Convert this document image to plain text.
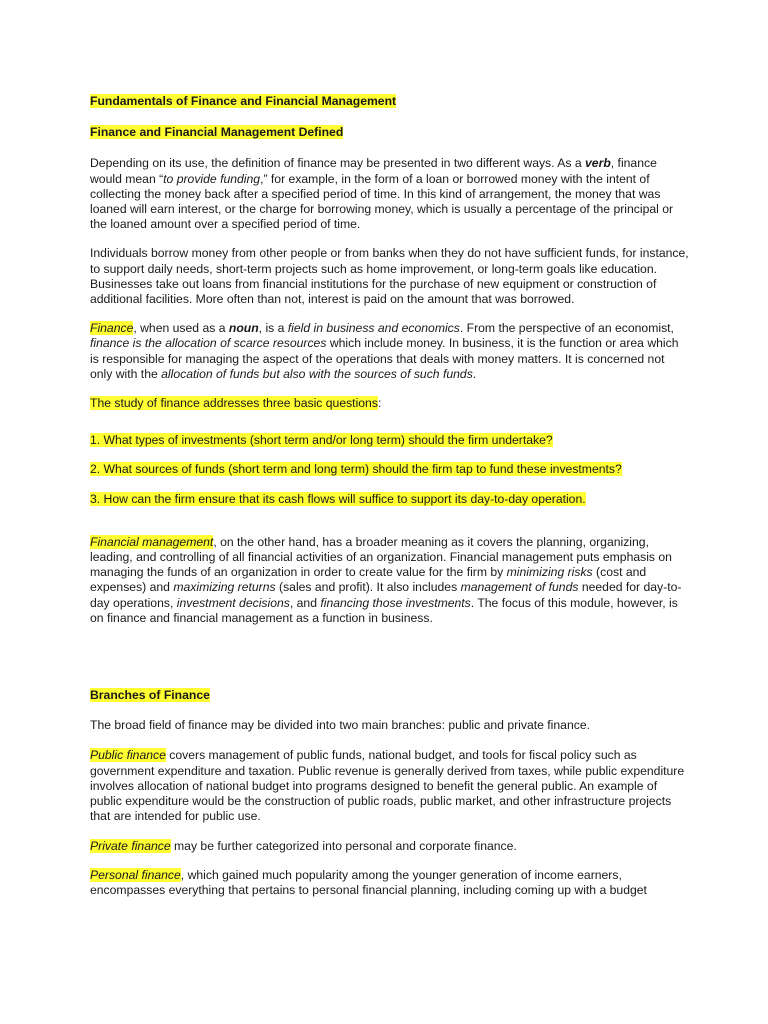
Fundamentals of Finance and Financial Management

Finance and Financial Management Defined

Depending on its use, the definition of finance may be presented in two different ways. As a verb, finance would mean “to provide funding,” for example, in the form of a loan or borrowed money with the intent of collecting the money back after a specified period of time. In this kind of arrangement, the money that was loaned will earn interest, or the charge for borrowing money, which is usually a percentage of the principal or the loaned amount over a specified period of time.

Individuals borrow money from other people or from banks when they do not have sufficient funds, for instance, to support daily needs, short-term projects such as home improvement, or long-term goals like education. Businesses take out loans from financial institutions for the purchase of new equipment or construction of additional facilities. More often than not, interest is paid on the amount that was borrowed.

Finance, when used as a noun, is a field in business and economics. From the perspective of an economist, finance is the allocation of scarce resources which include money. In business, it is the function or area which is responsible for managing the aspect of the operations that deals with money matters. It is concerned not only with the allocation of funds but also with the sources of such funds.

The study of finance addresses three basic questions:

1. What types of investments (short term and/or long term) should the firm undertake?

2. What sources of funds (short term and long term) should the firm tap to fund these investments?

3. How can the firm ensure that its cash flows will suffice to support its day-to-day operation.

Financial management, on the other hand, has a broader meaning as it covers the planning, organizing, leading, and controlling of all financial activities of an organization. Financial management puts emphasis on managing the funds of an organization in order to create value for the firm by minimizing risks (cost and expenses) and maximizing returns (sales and profit). It also includes management of funds needed for day-to-day operations, investment decisions, and financing those investments. The focus of this module, however, is on finance and financial management as a function in business.

Branches of Finance

The broad field of finance may be divided into two main branches: public and private finance.

Public finance covers management of public funds, national budget, and tools for fiscal policy such as government expenditure and taxation. Public revenue is generally derived from taxes, while public expenditure involves allocation of national budget into programs designed to benefit the general public. An example of public expenditure would be the construction of public roads, public market, and other infrastructure projects that are intended for public use.

Private finance may be further categorized into personal and corporate finance.

Personal finance, which gained much popularity among the younger generation of income earners, encompasses everything that pertains to personal financial planning, including coming up with a budget
